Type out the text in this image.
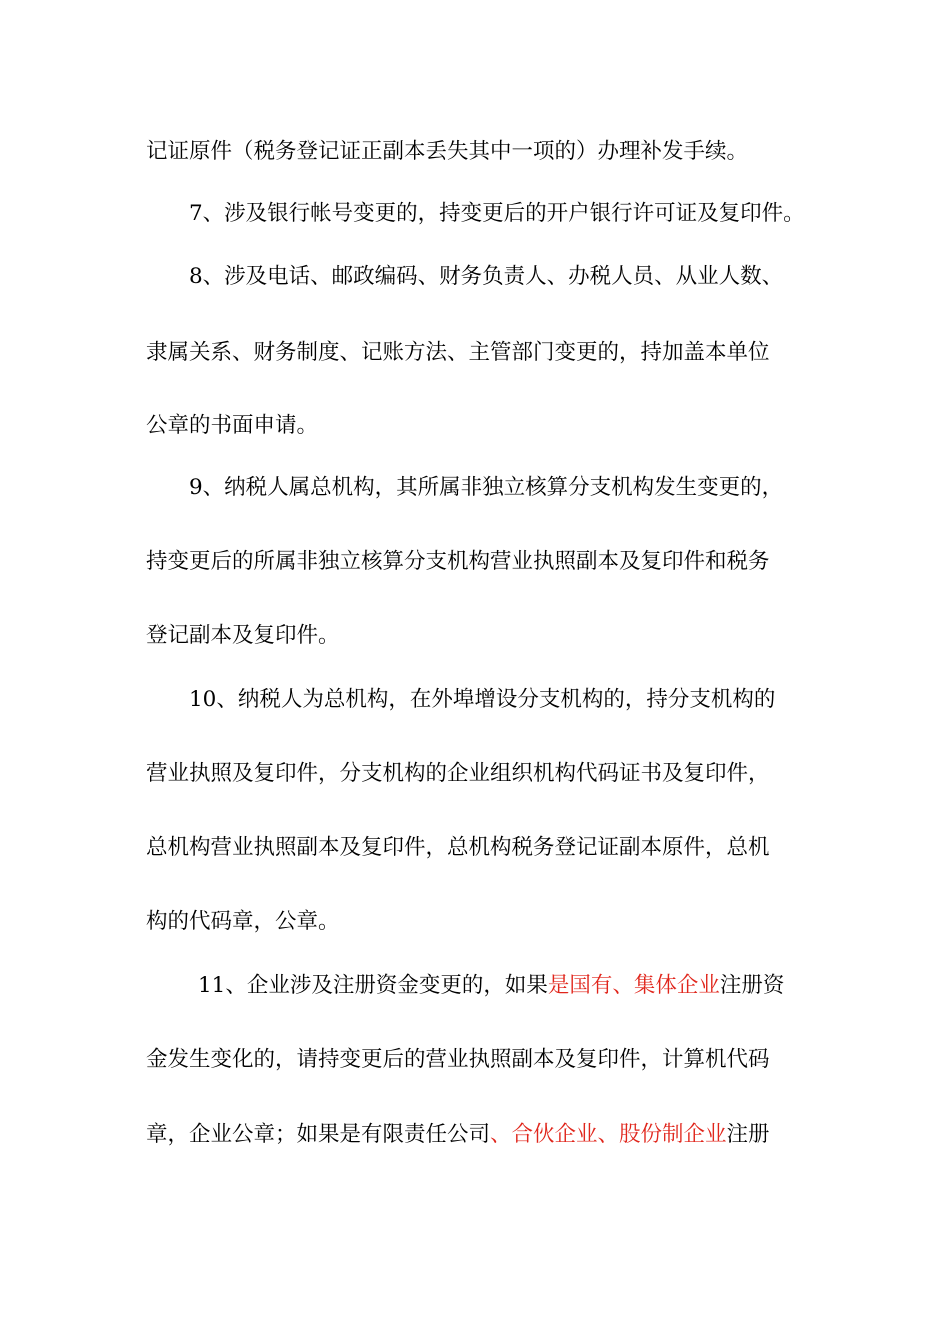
记证原件（税务登记证正副本丢失其中一项的）办理补发手续。
7、涉及银行帐号变更的，持变更后的开户银行许可证及复印件。
8、涉及电话、邮政编码、财务负责人、办税人员、从业人数、
隶属关系、财务制度、记账方法、主管部门变更的，持加盖本单位
公章的书面申请。
9、纳税人属总机构，其所属非独立核算分支机构发生变更的，
持变更后的所属非独立核算分支机构营业执照副本及复印件和税务
登记副本及复印件。
10、纳税人为总机构，在外埠增设分支机构的，持分支机构的
营业执照及复印件，分支机构的企业组织机构代码证书及复印件，
总机构营业执照副本及复印件，总机构税务登记证副本原件，总机
构的代码章，公章。
11、企业涉及注册资金变更的，如果是国有、集体企业注册资
金发生变化的，请持变更后的营业执照副本及复印件，计算机代码
章，企业公章；如果是有限责任公司、合伙企业、股份制企业注册
